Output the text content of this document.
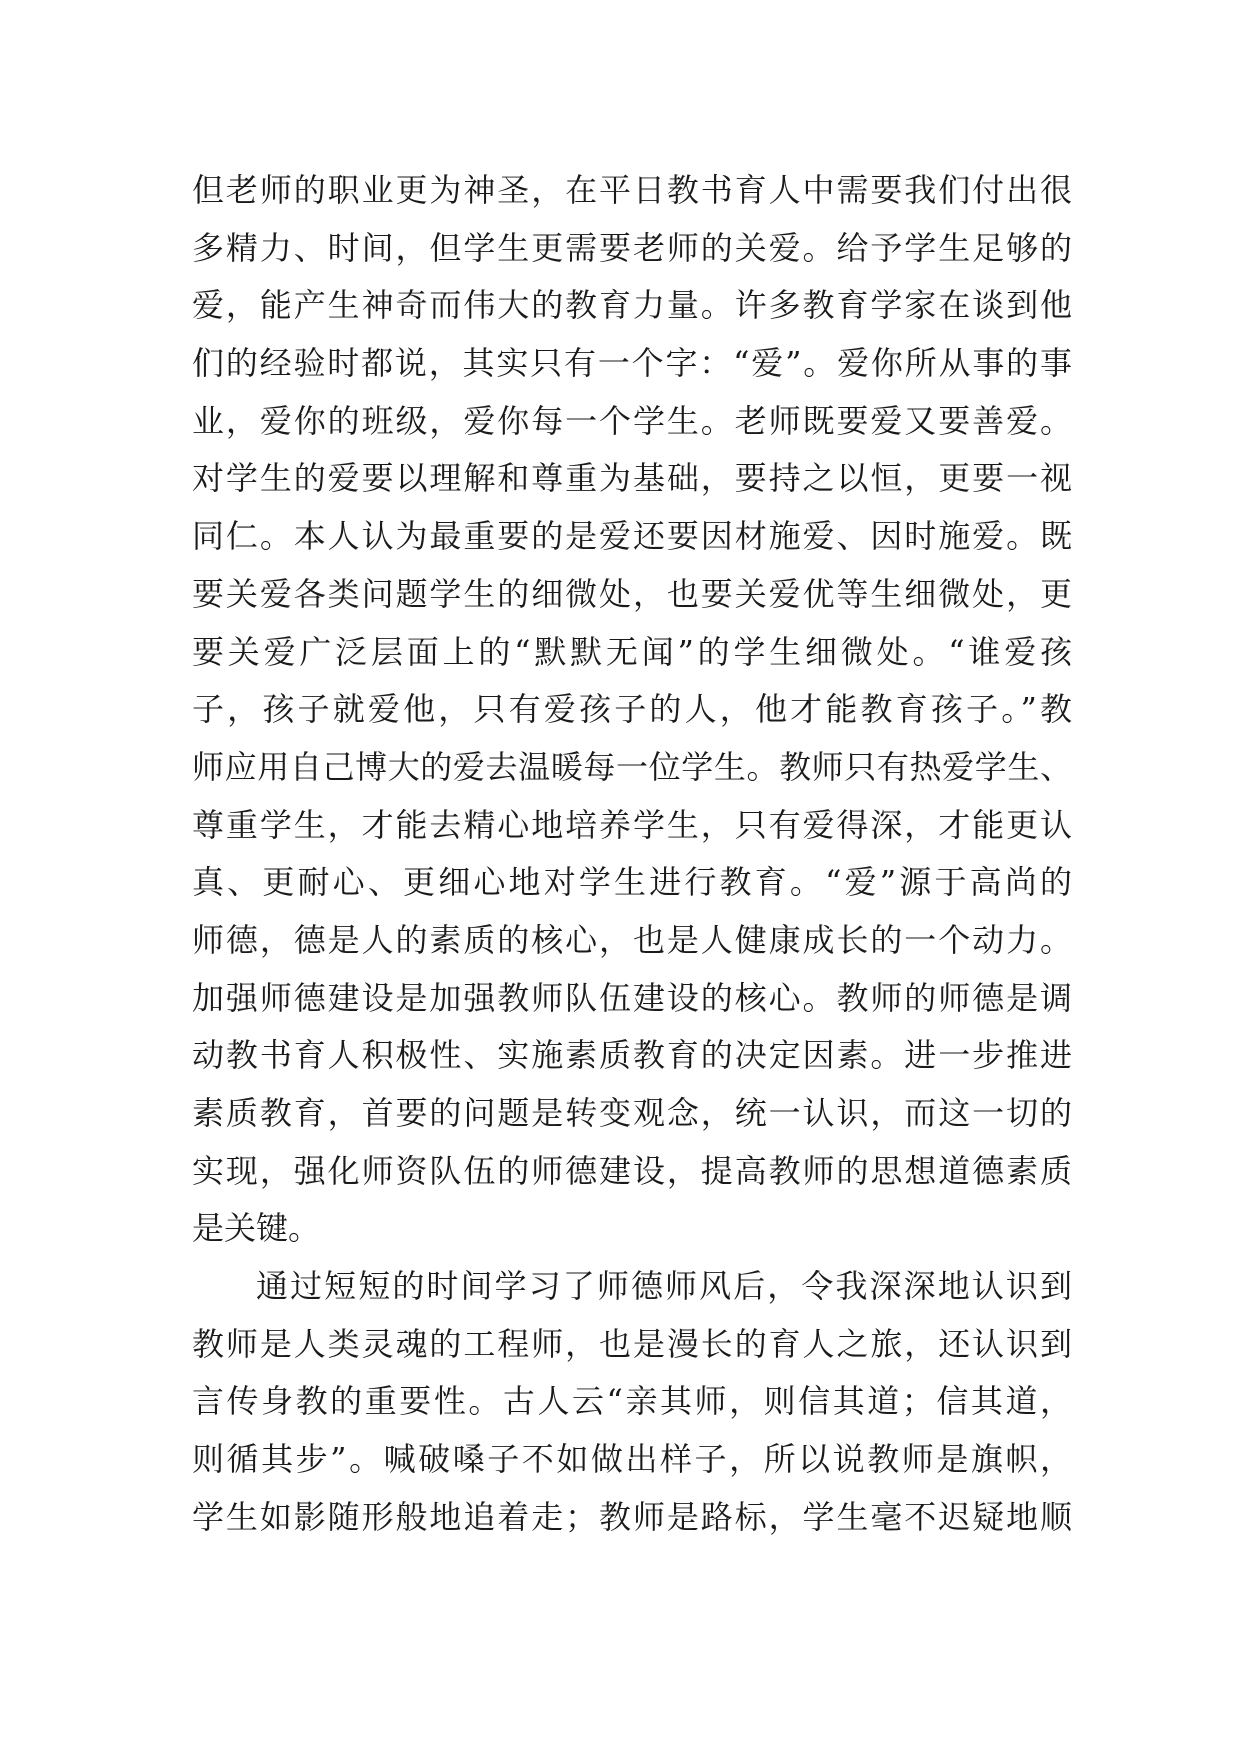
但老师的职业更为神圣，在平日教书育人中需要我们付出很
多精力、时间，但学生更需要老师的关爱。给予学生足够的
爱，能产生神奇而伟大的教育力量。许多教育学家在谈到他
们的经验时都说，其实只有一个字：“爱”。爱你所从事的事
业，爱你的班级，爱你每一个学生。老师既要爱又要善爱。
对学生的爱要以理解和尊重为基础，要持之以恒，更要一视
同仁。本人认为最重要的是爱还要因材施爱、因时施爱。既
要关爱各类问题学生的细微处，也要关爱优等生细微处，更
要关爱广泛层面上的“默默无闻”的学生细微处。“谁爱孩
子，孩子就爱他，只有爱孩子的人，他才能教育孩子。”教
师应用自己博大的爱去温暖每一位学生。教师只有热爱学生、
尊重学生，才能去精心地培养学生，只有爱得深，才能更认
真、更耐心、更细心地对学生进行教育。“爱”源于高尚的
师德，德是人的素质的核心，也是人健康成长的一个动力。
加强师德建设是加强教师队伍建设的核心。教师的师德是调
动教书育人积极性、实施素质教育的决定因素。进一步推进
素质教育，首要的问题是转变观念，统一认识，而这一切的
实现，强化师资队伍的师德建设，提高教师的思想道德素质
是关键。
通过短短的时间学习了师德师风后，令我深深地认识到
教师是人类灵魂的工程师，也是漫长的育人之旅，还认识到
言传身教的重要性。古人云“亲其师，则信其道；信其道，
则循其步”。喊破嗓子不如做出样子，所以说教师是旗帜，
学生如影随形般地追着走；教师是路标，学生毫不迟疑地顺
